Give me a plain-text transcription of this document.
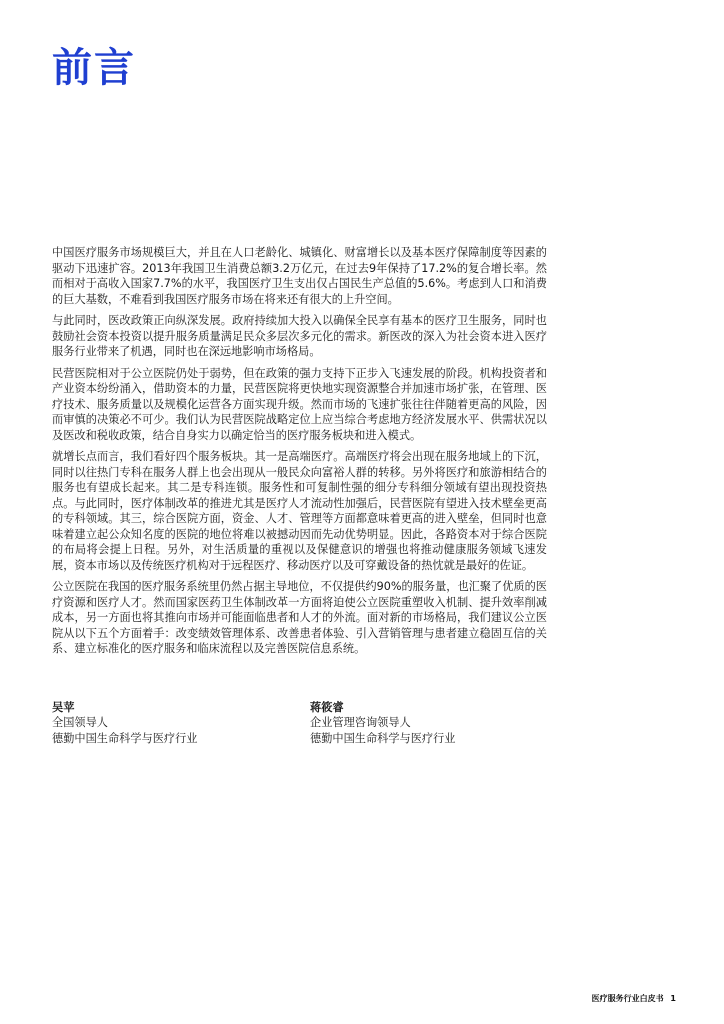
前言

中国医疗服务市场规模巨大，并且在人口老龄化、城镇化、财富增长以及基本医疗保障制度等因素的驱动下迅速扩容。2013年我国卫生消费总额3.2万亿元，在过去9年保持了17.2%的复合增长率。然而相对于高收入国家7.7%的水平，我国医疗卫生支出仅占国民生产总值的5.6%。考虑到人口和消费的巨大基数，不难看到我国医疗服务市场在将来还有很大的上升空间。

与此同时，医改政策正向纵深发展。政府持续加大投入以确保全民享有基本的医疗卫生服务，同时也鼓励社会资本投资以提升服务质量满足民众多层次多元化的需求。新医改的深入为社会资本进入医疗服务行业带来了机遇，同时也在深远地影响市场格局。

民营医院相对于公立医院仍处于弱势，但在政策的强力支持下正步入飞速发展的阶段。机构投资者和产业资本纷纷涌入，借助资本的力量，民营医院将更快地实现资源整合并加速市场扩张，在管理、医疗技术、服务质量以及规模化运营各方面实现升级。然而市场的飞速扩张往往伴随着更高的风险，因而审慎的决策必不可少。我们认为民营医院战略定位上应当综合考虑地方经济发展水平、供需状况以及医改和税收政策，结合自身实力以确定恰当的医疗服务板块和进入模式。

就增长点而言，我们看好四个服务板块。其一是高端医疗。高端医疗将会出现在服务地域上的下沉，同时以往热门专科在服务人群上也会出现从一般民众向富裕人群的转移。另外将医疗和旅游相结合的服务也有望成长起来。其二是专科连锁。服务性和可复制性强的细分专科细分领域有望出现投资热点。与此同时，医疗体制改革的推进尤其是医疗人才流动性加强后，民营医院有望进入技术壁垒更高的专科领域。其三，综合医院方面，资金、人才、管理等方面都意味着更高的进入壁垒，但同时也意味着建立起公众知名度的医院的地位将难以被撼动因而先动优势明显。因此，各路资本对于综合医院的布局将会提上日程。另外，对生活质量的重视以及保健意识的增强也将推动健康服务领域飞速发展，资本市场以及传统医疗机构对于远程医疗、移动医疗以及可穿戴设备的热忱就是最好的佐证。

公立医院在我国的医疗服务系统里仍然占据主导地位，不仅提供约90%的服务量，也汇聚了优质的医疗资源和医疗人才。然而国家医药卫生体制改革一方面将迫使公立医院重塑收入机制、提升效率削减成本，另一方面也将其推向市场并可能面临患者和人才的外流。面对新的市场格局，我们建议公立医院从以下五个方面着手：改变绩效管理体系、改善患者体验、引入营销管理与患者建立稳固互信的关系、建立标准化的医疗服务和临床流程以及完善医院信息系统。

吴苹

全国领导人

德勤中国生命科学与医疗行业

蒋筱睿

企业管理咨询领导人

德勤中国生命科学与医疗行业

医疗服务行业白皮书 1
